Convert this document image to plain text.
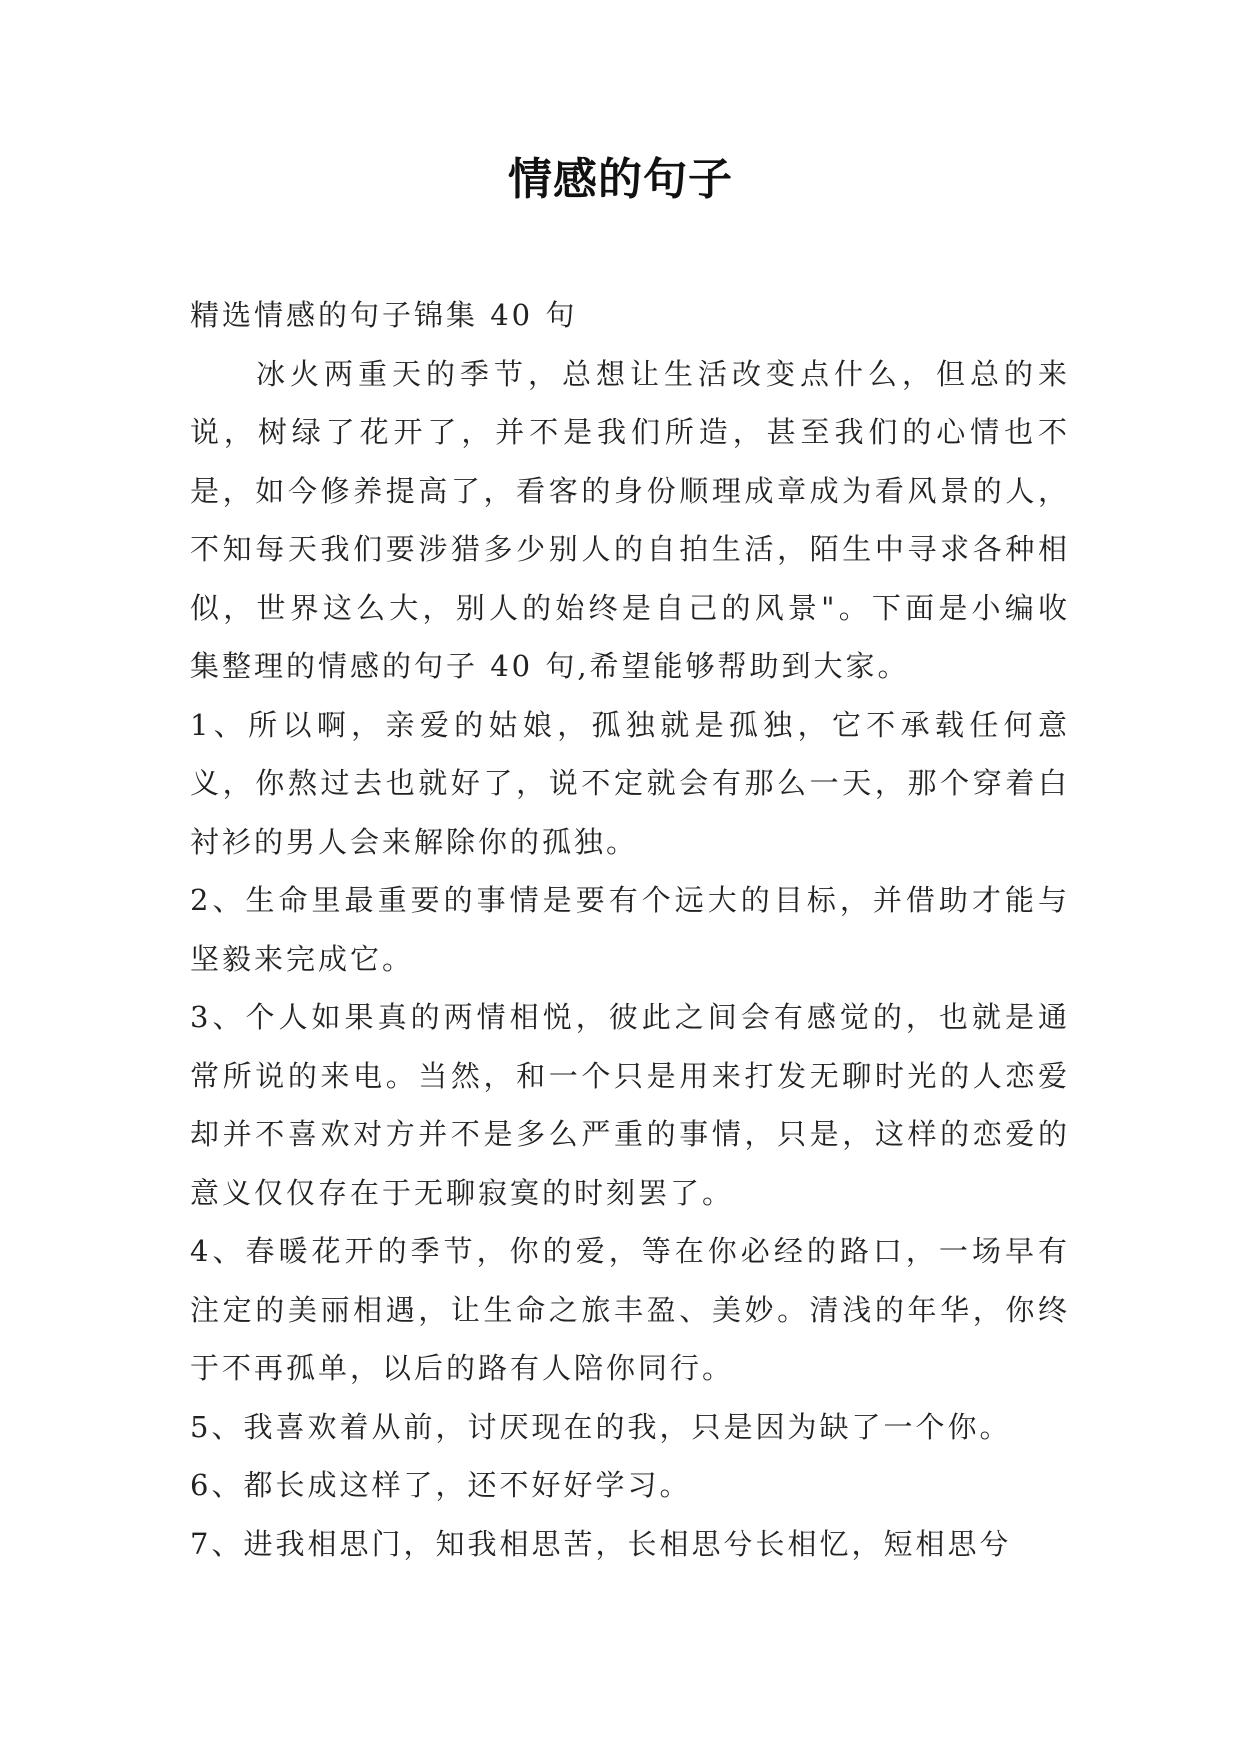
情感的句子

精选情感的句子锦集 40 句

冰火两重天的季节，总想让生活改变点什么，但总的来说，树绿了花开了，并不是我们所造，甚至我们的心情也不是，如今修养提高了，看客的身份顺理成章成为看风景的人，不知每天我们要涉猎多少别人的自拍生活，陌生中寻求各种相似，世界这么大，别人的始终是自己的风景"。下面是小编收集整理的情感的句子 40 句,希望能够帮助到大家。

1、所以啊，亲爱的姑娘，孤独就是孤独，它不承载任何意义，你熬过去也就好了，说不定就会有那么一天，那个穿着白衬衫的男人会来解除你的孤独。

2、生命里最重要的事情是要有个远大的目标，并借助才能与坚毅来完成它。

3、个人如果真的两情相悦，彼此之间会有感觉的，也就是通常所说的来电。当然，和一个只是用来打发无聊时光的人恋爱却并不喜欢对方并不是多么严重的事情，只是，这样的恋爱的意义仅仅存在于无聊寂寞的时刻罢了。

4、春暖花开的季节，你的爱，等在你必经的路口，一场早有注定的美丽相遇，让生命之旅丰盈、美妙。清浅的年华，你终于不再孤单，以后的路有人陪你同行。

5、我喜欢着从前，讨厌现在的我，只是因为缺了一个你。

6、都长成这样了，还不好好学习。

7、进我相思门，知我相思苦，长相思兮长相忆，短相思兮
